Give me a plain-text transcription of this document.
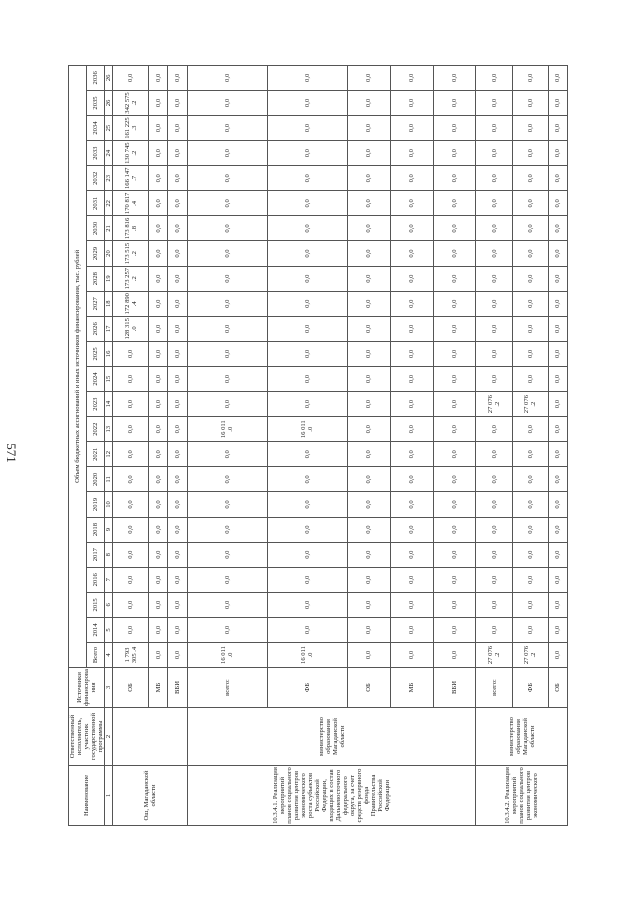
571
Наименование	Ответственный исполнитель, участник государственной программы	Источники финансирования	Объем бюджетных ассигнований и иных источников финансирования, тыс. рублей																							
			Всего	2014	2015	2016	2017	2018	2019	2020	2021	2022	2023	2024	2025	2026	2027	2028	2029	2030	2031	2032	2033	2034	2035	2036
1	2	3	4	5	6	7	8	9	10	11	12	13	14	15	16	17	18	19	20	21	22	23	24	25	26	26
Ош, Магаданской области		ОБ	1 793 305 .4	0,0	0,0	0,0	0,0	0,0	0,0	0,0	0,0	0,0	0,0	0,0	0,0	128 315 .0	172 890 .4	173 257 .2	173 515 .2	173 816 .8	170 817 .4	166 147 .7	130 745 .2	161 225 .3	342 575 .2	0,0
		МБ	0,0	0,0	0,0	0,0	0,0	0,0	0,0	0,0	0,0	0,0	0,0	0,0	0,0	0,0	0,0	0,0	0,0	0,0	0,0	0,0	0,0	0,0	0,0	0,0
		ВБИ	0,0	0,0	0,0	0,0	0,0	0,0	0,0	0,0	0,0	0,0	0,0	0,0	0,0	0,0	0,0	0,0	0,0	0,0	0,0	0,0	0,0	0,0	0,0	0,0
10.3.4.1. Реализация мероприятий планов социального развития центров экономического роста субъектов Российской Федерации, входящих в состав Дальневосточного федерального округа, за счет средств резервного фонда Правительства Российской Федерации	министерство образования Магаданской области	всего:	16 011 .0	0,0	0,0	0,0	0,0	0,0	0,0	0,0	0,0	16 011 .0	0,0	0,0	0,0	0,0	0,0	0,0	0,0	0,0	0,0	0,0	0,0	0,0	0,0	0,0
		ФБ	16 011 .0	0,0	0,0	0,0	0,0	0,0	0,0	0,0	0,0	16 011 .0	0,0	0,0	0,0	0,0	0,0	0,0	0,0	0,0	0,0	0,0	0,0	0,0	0,0	0,0
		ОБ	0,0	0,0	0,0	0,0	0,0	0,0	0,0	0,0	0,0	0,0	0,0	0,0	0,0	0,0	0,0	0,0	0,0	0,0	0,0	0,0	0,0	0,0	0,0	0,0
		МБ	0,0	0,0	0,0	0,0	0,0	0,0	0,0	0,0	0,0	0,0	0,0	0,0	0,0	0,0	0,0	0,0	0,0	0,0	0,0	0,0	0,0	0,0	0,0	0,0
		ВБИ	0,0	0,0	0,0	0,0	0,0	0,0	0,0	0,0	0,0	0,0	0,0	0,0	0,0	0,0	0,0	0,0	0,0	0,0	0,0	0,0	0,0	0,0	0,0	0,0
10.3.4.2. Реализация мероприятий планов социального развития центров экономического	министерство образования Магаданской области	всего:	27 076 .2	0,0	0,0	0,0	0,0	0,0	0,0	0,0	0,0	0,0	27 076 .2	0,0	0,0	0,0	0,0	0,0	0,0	0,0	0,0	0,0	0,0	0,0	0,0	0,0
		ФБ	27 076 .2	0,0	0,0	0,0	0,0	0,0	0,0	0,0	0,0	0,0	27 076 .2	0,0	0,0	0,0	0,0	0,0	0,0	0,0	0,0	0,0	0,0	0,0	0,0	0,0
		ОБ	0,0	0,0	0,0	0,0	0,0	0,0	0,0	0,0	0,0	0,0	0,0	0,0	0,0	0,0	0,0	0,0	0,0	0,0	0,0	0,0	0,0	0,0	0,0	0,0
